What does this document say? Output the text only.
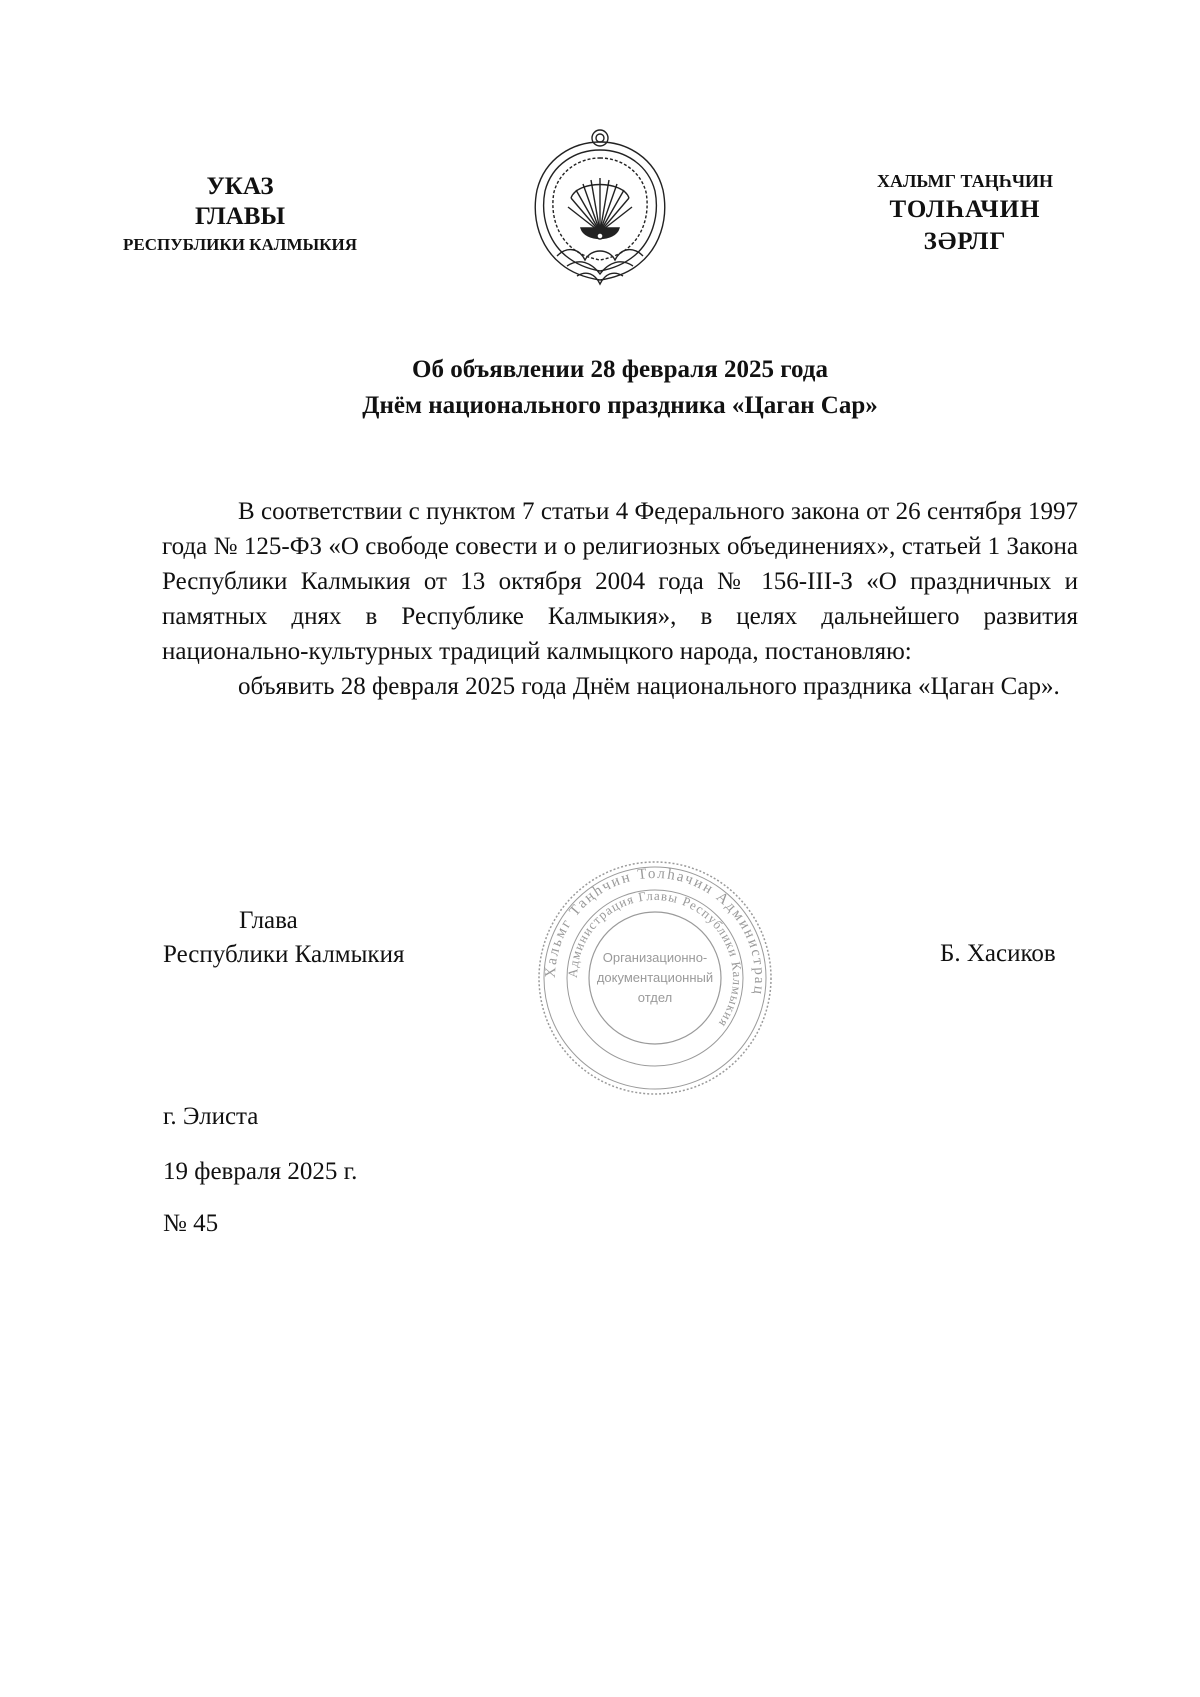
УКАЗ
ГЛАВЫ
РЕСПУБЛИКИ КАЛМЫКИЯ
ХАЛЬМГ ТАҢҺЧИН
ТОЛҺАЧИН
ЗӘРЛГ
Об объявлении 28 февраля 2025 года
Днём национального праздника «Цаган Сар»

В соответствии с пунктом 7 статьи 4 Федерального закона от 26 сентября 1997 года № 125-ФЗ «О свободе совести и о религиозных объединениях», статьей 1 Закона Республики Калмыкия от 13 октября 2004 года № 156-III-З «О праздничных и памятных днях в Республике Калмыкия», в целях дальнейшего развития национально-культурных традиций калмыцкого народа, постановляю:

объявить 28 февраля 2025 года Днём национального праздника «Цаган Сар».

Глава
Республики Калмыкия
Хальмг Таңһчин Толһачин Администрац
Администрация Главы Республики Калмыкия
Организационно-
документационный
отдел
Б. Хасиков
г. Элиста
19 февраля 2025 г.
№ 45
